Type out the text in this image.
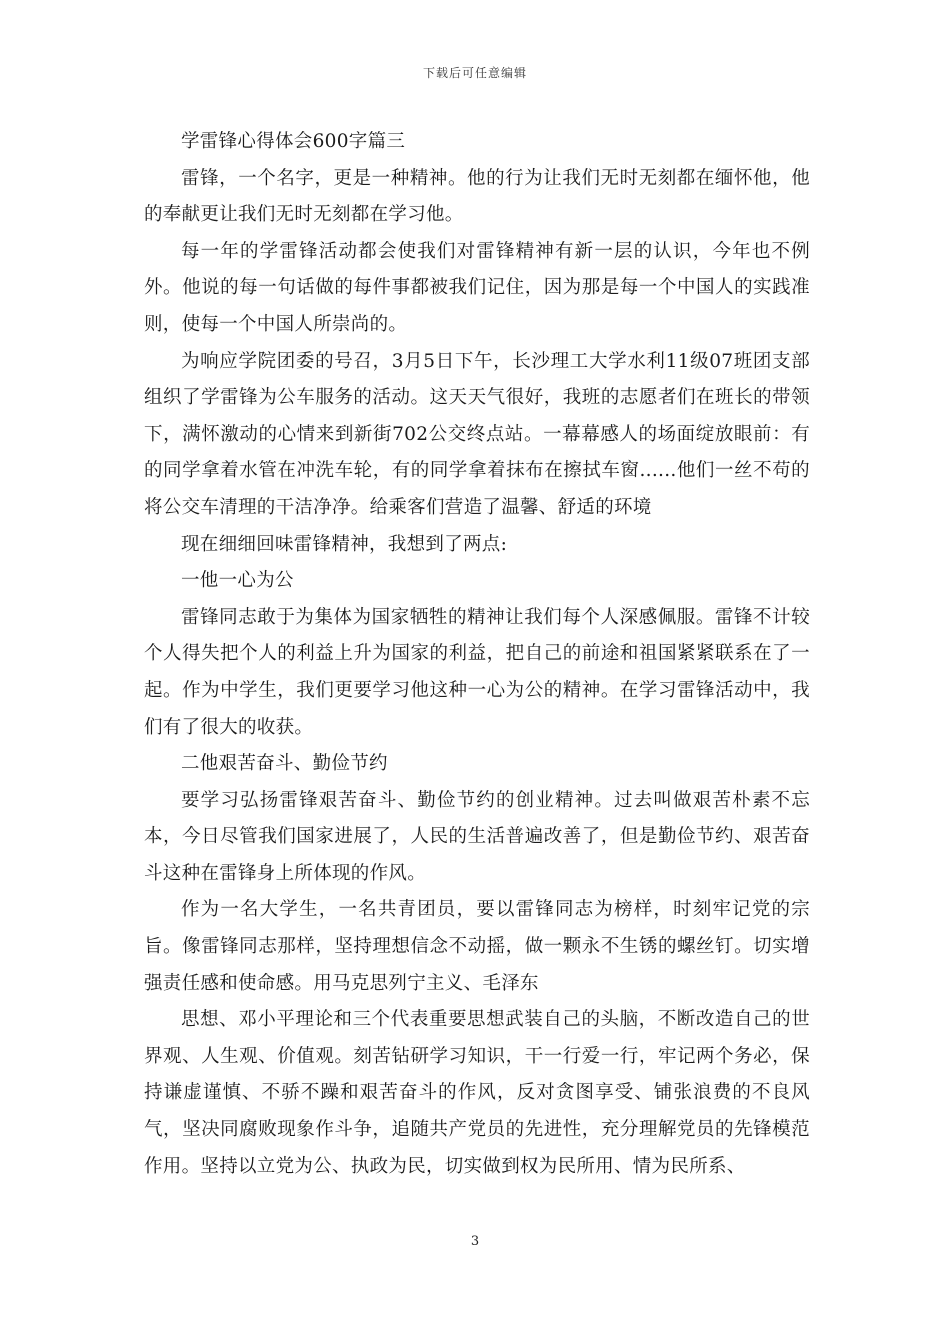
下载后可任意编辑

学雷锋心得体会600字篇三

雷锋，一个名字，更是一种精神。他的行为让我们无时无刻都在缅怀他，他的奉献更让我们无时无刻都在学习他。

每一年的学雷锋活动都会使我们对雷锋精神有新一层的认识，今年也不例外。他说的每一句话做的每件事都被我们记住，因为那是每一个中国人的实践准则，使每一个中国人所崇尚的。

为响应学院团委的号召，3月5日下午，长沙理工大学水利11级07班团支部组织了学雷锋为公车服务的活动。这天天气很好，我班的志愿者们在班长的带领下，满怀激动的心情来到新街702公交终点站。一幕幕感人的场面绽放眼前：有的同学拿着水管在冲洗车轮，有的同学拿着抹布在擦拭车窗......他们一丝不苟的将公交车清理的干洁净净。给乘客们营造了温馨、舒适的环境

现在细细回味雷锋精神，我想到了两点:

一他一心为公

雷锋同志敢于为集体为国家牺牲的精神让我们每个人深感佩服。雷锋不计较个人得失把个人的利益上升为国家的利益，把自己的前途和祖国紧紧联系在了一起。作为中学生，我们更要学习他这种一心为公的精神。在学习雷锋活动中，我们有了很大的收获。

二他艰苦奋斗、勤俭节约

要学习弘扬雷锋艰苦奋斗、勤俭节约的创业精神。过去叫做艰苦朴素不忘本，今日尽管我们国家进展了，人民的生活普遍改善了，但是勤俭节约、艰苦奋斗这种在雷锋身上所体现的作风。

作为一名大学生，一名共青团员，要以雷锋同志为榜样，时刻牢记党的宗旨。像雷锋同志那样，坚持理想信念不动摇，做一颗永不生锈的螺丝钉。切实增强责任感和使命感。用马克思列宁主义、毛泽东

思想、邓小平理论和三个代表重要思想武装自己的头脑，不断改造自己的世界观、人生观、价值观。刻苦钻研学习知识，干一行爱一行，牢记两个务必，保持谦虚谨慎、不骄不躁和艰苦奋斗的作风，反对贪图享受、铺张浪费的不良风气，坚决同腐败现象作斗争，追随共产党员的先进性，充分理解党员的先锋模范作用。坚持以立党为公、执政为民，切实做到权为民所用、情为民所系、

3
